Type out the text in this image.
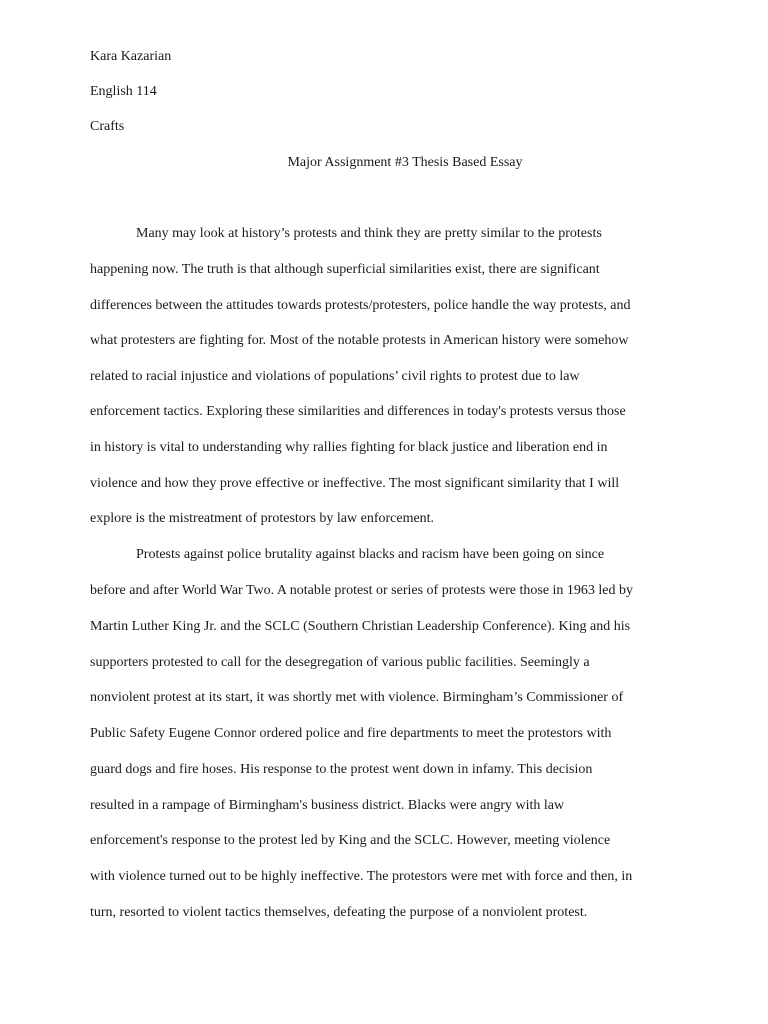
Kara Kazarian
English 114
Crafts
Major Assignment #3 Thesis Based Essay
Many may look at history’s protests and think they are pretty similar to the protests
happening now. The truth is that although superficial similarities exist, there are significant
differences between the attitudes towards protests/protesters, police handle the way protests, and
what protesters are fighting for. Most of the notable protests in American history were somehow
related to racial injustice and violations of populations’ civil rights to protest due to law
enforcement tactics. Exploring these similarities and differences in today's protests versus those
in history is vital to understanding why rallies fighting for black justice and liberation end in
violence and how they prove effective or ineffective. The most significant similarity that I will
explore is the mistreatment of protestors by law enforcement.
Protests against police brutality against blacks and racism have been going on since
before and after World War Two. A notable protest or series of protests were those in 1963 led by
Martin Luther King Jr. and the SCLC (Southern Christian Leadership Conference). King and his
supporters protested to call for the desegregation of various public facilities. Seemingly a
nonviolent protest at its start, it was shortly met with violence. Birmingham’s Commissioner of
Public Safety Eugene Connor ordered police and fire departments to meet the protestors with
guard dogs and fire hoses. His response to the protest went down in infamy. This decision
resulted in a rampage of Birmingham's business district. Blacks were angry with law
enforcement's response to the protest led by King and the SCLC. However, meeting violence
with violence turned out to be highly ineffective. The protestors were met with force and then, in
turn, resorted to violent tactics themselves, defeating the purpose of a nonviolent protest.
